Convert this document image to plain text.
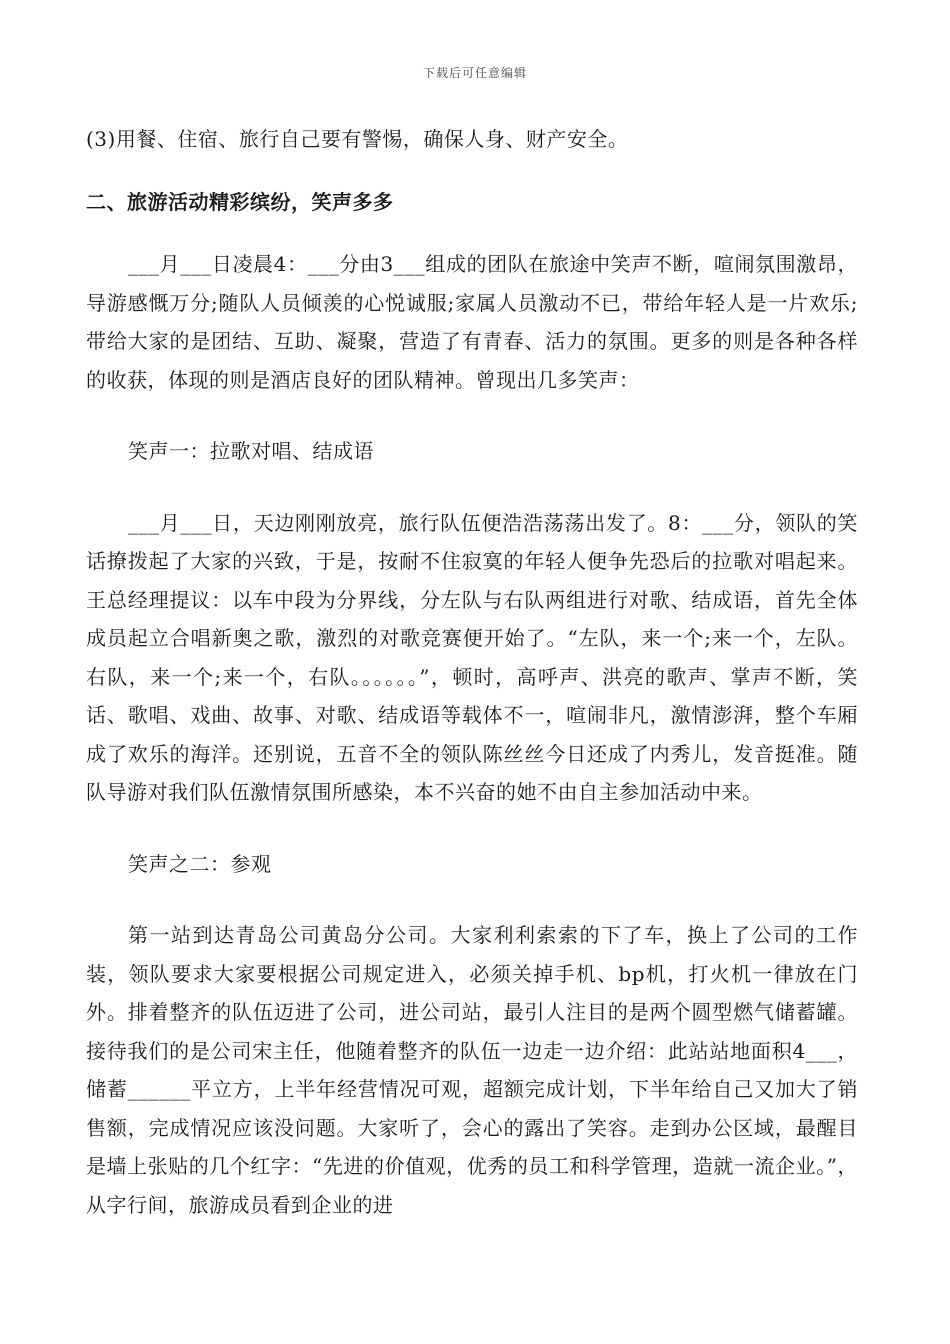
下载后可任意编辑

(3)用餐、住宿、旅行自己要有警惕，确保人身、财产安全。

二、旅游活动精彩缤纷，笑声多多

___月___日凌晨4：___分由3___组成的团队在旅途中笑声不断，喧闹氛围激昂，导游感慨万分;随队人员倾羡的心悦诚服;家属人员激动不已，带给年轻人是一片欢乐;带给大家的是团结、互助、凝聚，营造了有青春、活力的氛围。更多的则是各种各样的收获，体现的则是酒店良好的团队精神。曾现出几多笑声：

笑声一：拉歌对唱、结成语

___月___日，天边刚刚放亮，旅行队伍便浩浩荡荡出发了。8：___分，领队的笑话撩拨起了大家的兴致，于是，按耐不住寂寞的年轻人便争先恐后的拉歌对唱起来。王总经理提议：以车中段为分界线，分左队与右队两组进行对歌、结成语，首先全体成员起立合唱新奥之歌，激烈的对歌竞赛便开始了。“左队，来一个;来一个，左队。右队，来一个;来一个，右队。。。。。。”，顿时，高呼声、洪亮的歌声、掌声不断，笑话、歌唱、戏曲、故事、对歌、结成语等载体不一，喧闹非凡，激情澎湃，整个车厢成了欢乐的海洋。还别说，五音不全的领队陈丝丝今日还成了内秀儿，发音挺准。随队导游对我们队伍激情氛围所感染，本不兴奋的她不由自主参加活动中来。

笑声之二：参观

第一站到达青岛公司黄岛分公司。大家利利索索的下了车，换上了公司的工作装，领队要求大家要根据公司规定进入，必须关掉手机、bp机，打火机一律放在门外。排着整齐的队伍迈进了公司，进公司站，最引人注目的是两个圆型燃气储蓄罐。接待我们的是公司宋主任，他随着整齐的队伍一边走一边介绍：此站站地面积4___，储蓄______平立方，上半年经营情况可观，超额完成计划，下半年给自己又加大了销售额，完成情况应该没问题。大家听了，会心的露出了笑容。走到办公区域，最醒目是墙上张贴的几个红字：“先进的价值观，优秀的员工和科学管理，造就一流企业。”，从字行间，旅游成员看到企业的进
